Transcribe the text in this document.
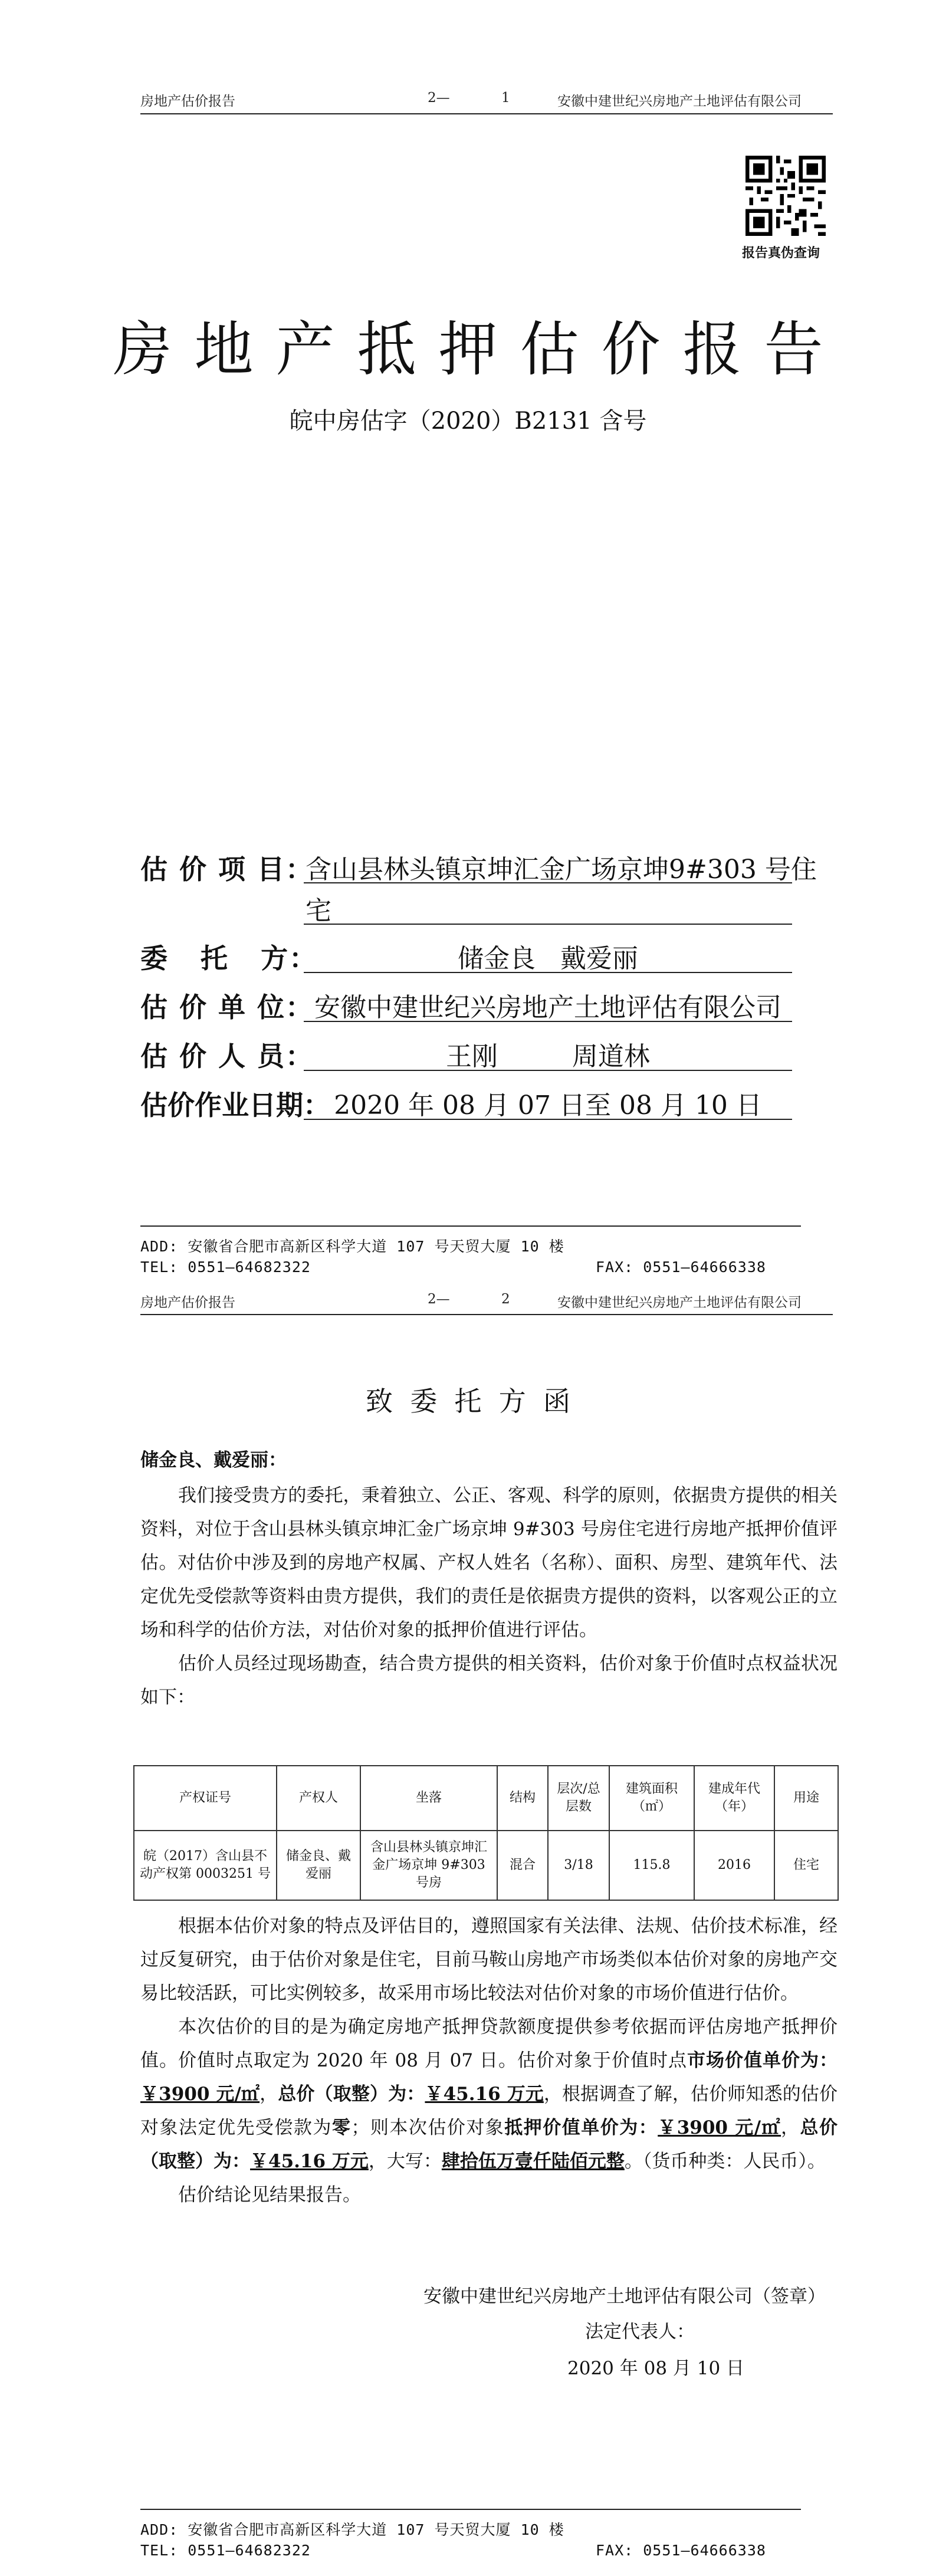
房地产估价报告	2—	1	安徽中建世纪兴房地产土地评估有限公司
报告真伪查询
房地产抵押估价报告
皖中房估字（2020）B2131 含号
估 价 项 目：
含山县林头镇京坤汇金广场京坤9#303 号住
宅
委   托   方：	储金良   戴爱丽
估 价 单 位： 安徽中建世纪兴房地产土地评估有限公司
估 价 人 员：	王刚         周道林
估价作业日期： 2020 年 08 月 07 日至 08 月 10 日
ADD: 安徽省合肥市高新区科学大道 107 号天贸大厦 10 楼
TEL: 0551—64682322	FAX: 0551—64666338
房地产估价报告	2—	2	安徽中建世纪兴房地产土地评估有限公司
致  委  托  方  函
储金良、戴爱丽：

我们接受贵方的委托，秉着独立、公正、客观、科学的原则，依据贵方提供的相关资料，对位于含山县林头镇京坤汇金广场京坤 9#303 号房住宅进行房地产抵押价值评估。对估价中涉及到的房地产权属、产权人姓名（名称）、面积、房型、建筑年代、法定优先受偿款等资料由贵方提供，我们的责任是依据贵方提供的资料，以客观公正的立场和科学的估价方法，对估价对象的抵押价值进行评估。

估价人员经过现场勘查，结合贵方提供的相关资料，估价对象于价值时点权益状况如下：

产权证号	产权人	坐落	结构	层次/总层数	建筑面积（㎡）	建成年代（年）	用途
皖（2017）含山县不动产权第 0003251 号	储金良、戴爱丽	含山县林头镇京坤汇金广场京坤 9#303 号房	混合	3/18	115.8	2016	住宅

根据本估价对象的特点及评估目的，遵照国家有关法律、法规、估价技术标准，经过反复研究，由于估价对象是住宅，目前马鞍山房地产市场类似本估价对象的房地产交易比较活跃，可比实例较多，故采用市场比较法对估价对象的市场价值进行估价。

本次估价的目的是为确定房地产抵押贷款额度提供参考依据而评估房地产抵押价值。价值时点取定为 2020 年 08 月 07 日。估价对象于价值时点市场价值单价为：￥3900 元/㎡，总价（取整）为：￥45.16 万元，根据调查了解，估价师知悉的估价对象法定优先受偿款为零；则本次估价对象抵押价值单价为：￥3900 元/㎡，总价（取整）为：￥45.16 万元，大写：肆拾伍万壹仟陆佰元整。（货币种类：人民币）。

估价结论见结果报告。

安徽中建世纪兴房地产土地评估有限公司（签章）
法定代表人：
2020 年 08 月 10 日
ADD: 安徽省合肥市高新区科学大道 107 号天贸大厦 10 楼
TEL: 0551—64682322	FAX: 0551—64666338
